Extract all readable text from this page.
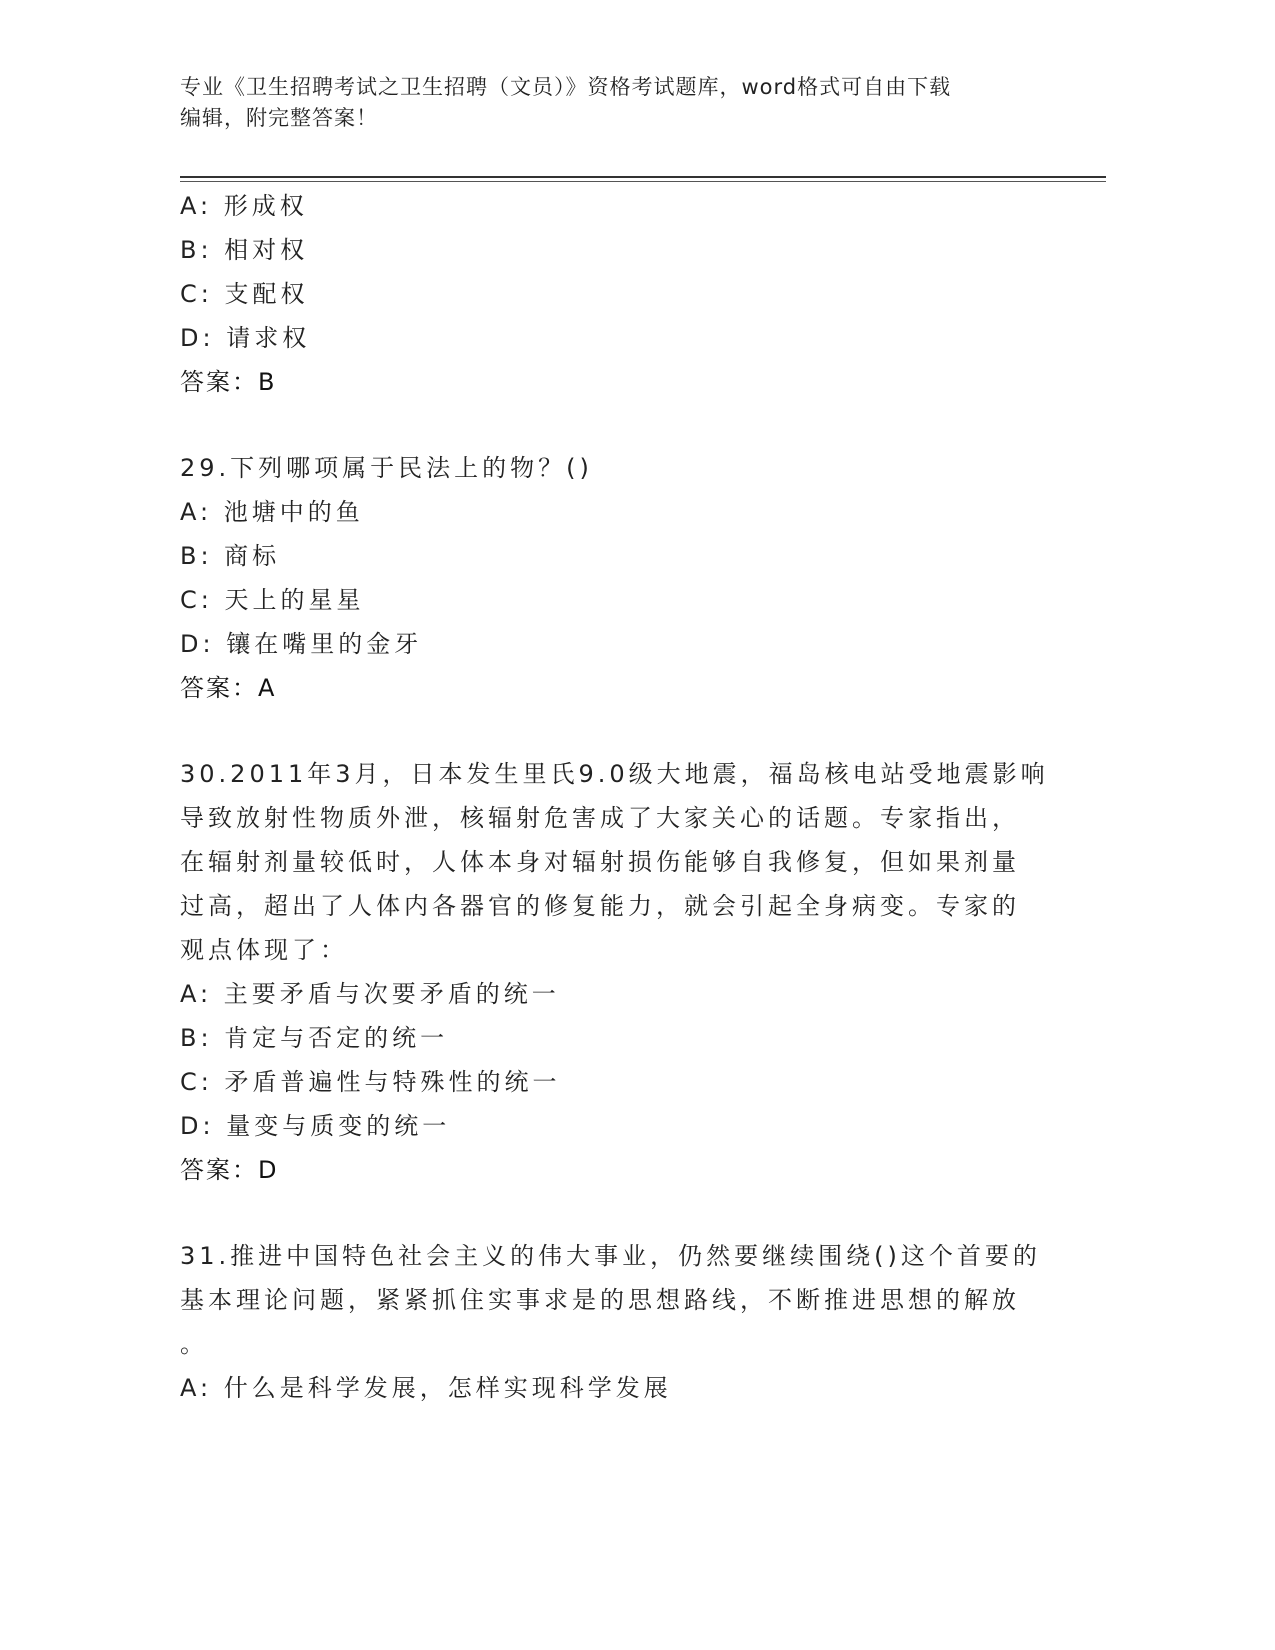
专业《卫生招聘考试之卫生招聘（文员）》资格考试题库，word格式可自由下载
编辑，附完整答案！
A: 形成权
B: 相对权
C: 支配权
D: 请求权
答案：B
29.下列哪项属于民法上的物？()
A: 池塘中的鱼
B: 商标
C: 天上的星星
D: 镶在嘴里的金牙
答案：A
30.2011年3月，日本发生里氏9.0级大地震，福岛核电站受地震影响
导致放射性物质外泄，核辐射危害成了大家关心的话题。专家指出，
在辐射剂量较低时，人体本身对辐射损伤能够自我修复，但如果剂量
过高，超出了人体内各器官的修复能力，就会引起全身病变。专家的
观点体现了：
A: 主要矛盾与次要矛盾的统一
B: 肯定与否定的统一
C: 矛盾普遍性与特殊性的统一
D: 量变与质变的统一
答案：D
31.推进中国特色社会主义的伟大事业，仍然要继续围绕()这个首要的
基本理论问题，紧紧抓住实事求是的思想路线，不断推进思想的解放
。
A: 什么是科学发展，怎样实现科学发展
